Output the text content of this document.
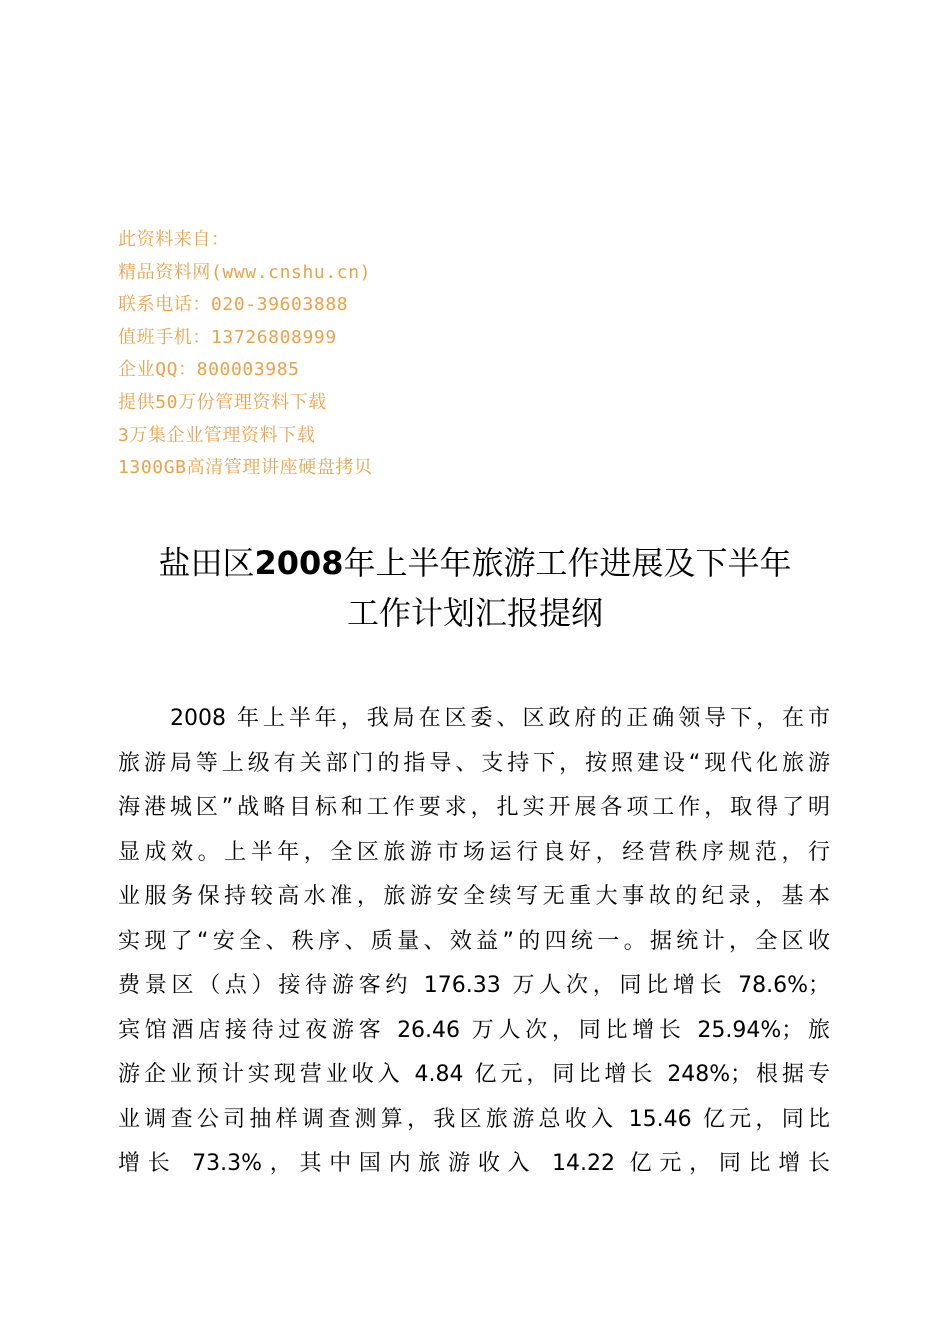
此资料来自：
精品资料网(www.cnshu.cn)
联系电话：020-39603888
值班手机：13726808999
企业QQ：800003985
提供50万份管理资料下载
3万集企业管理资料下载
1300GB高清管理讲座硬盘拷贝
盐田区2008年上半年旅游工作进展及下半年
工作计划汇报提纲
2008 年上半年，我局在区委、区政府的正确领导下，在市
旅游局等上级有关部门的指导、支持下，按照建设“现代化旅游
海港城区”战略目标和工作要求，扎实开展各项工作，取得了明
显成效。上半年，全区旅游市场运行良好，经营秩序规范，行
业服务保持较高水准，旅游安全续写无重大事故的纪录，基本
实现了“安全、秩序、质量、效益”的四统一。据统计，全区收
费景区（点）接待游客约 176.33 万人次，同比增长 78.6%；
宾馆酒店接待过夜游客 26.46 万人次，同比增长 25.94%；旅
游企业预计实现营业收入 4.84 亿元，同比增长 248%；根据专
业调查公司抽样调查测算，我区旅游总收入 15.46 亿元，同比
增长 73.3%，其中国内旅游收入 14.22 亿元，同比增长
